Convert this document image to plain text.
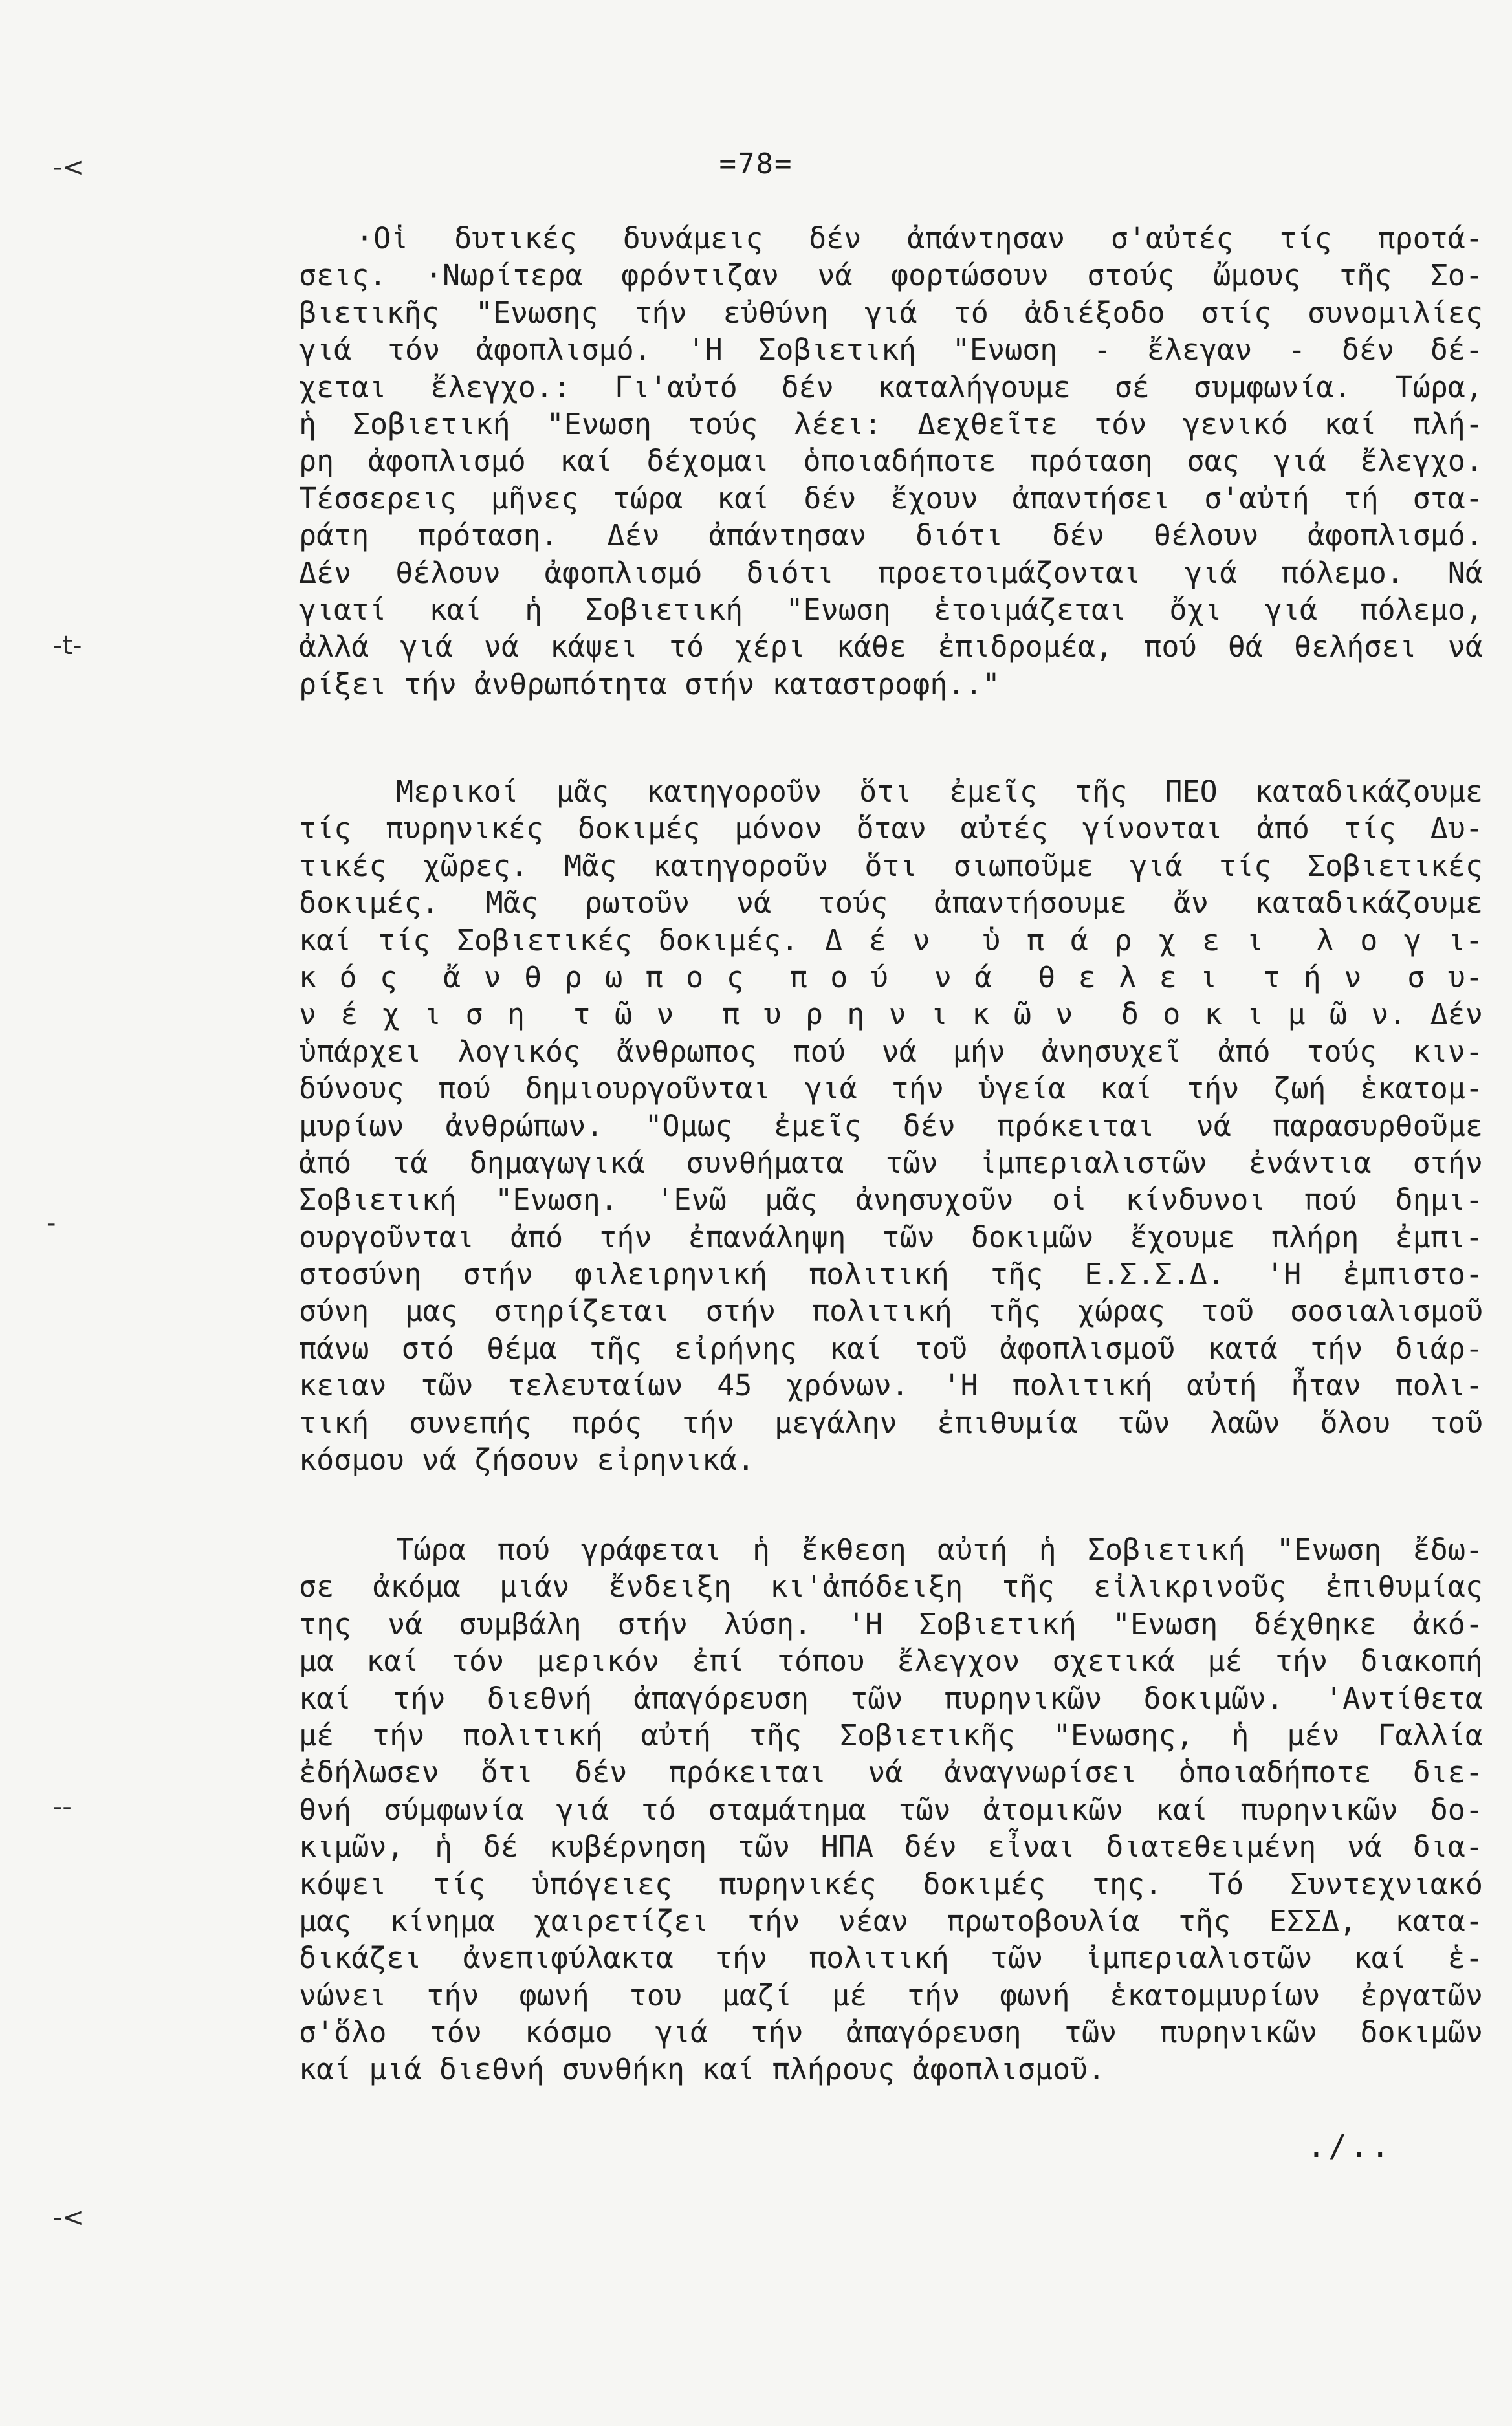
-<
-t-
-
--
-<
=78=
·Οἱ δυτικές δυνάμεις δέν ἀπάντησαν σ'αὐτές τίς προτά-
σεις. ·Νωρίτερα φρόντιζαν νά φορτώσουν στούς ὤμους τῆς Σο-
βιετικῆς "Ενωσης τήν εὐθύνη γιά τό ἀδιέξοδο στίς συνομιλίες
γιά τόν ἀφοπλισμό. 'Η Σοβιετική "Ενωση - ἔλεγαν - δέν δέ-
χεται ἔλεγχο.: Γι'αὐτό δέν καταλήγουμε σέ συμφωνία. Τώρα,
ἡ Σοβιετική "Ενωση τούς λέει: Δεχθεῖτε τόν γενικό καί πλή-
ρη ἀφοπλισμό καί δέχομαι ὁποιαδήποτε πρόταση σας γιά ἔλεγχο.
Τέσσερεις μῆνες τώρα καί δέν ἔχουν ἀπαντήσει σ'αὐτή τή στα-
ράτη πρόταση. Δέν ἀπάντησαν διότι δέν θέλουν ἀφοπλισμό.
Δέν θέλουν ἀφοπλισμό διότι προετοιμάζονται γιά πόλεμο. Νά
γιατί καί ἡ Σοβιετική "Ενωση ἑτοιμάζεται ὄχι γιά πόλεμο,
ἀλλά γιά νά κάψει τό χέρι κάθε ἐπιδρομέα, πού θά θελήσει νά
ρίξει τήν ἀνθρωπότητα στήν καταστροφή.."
Μερικοί μᾶς κατηγοροῦν ὅτι ἐμεῖς τῆς ΠΕΟ καταδικάζουμε
τίς πυρηνικές δοκιμές μόνον ὅταν αὐτές γίνονται ἀπό τίς Δυ-
τικές χῶρες. Μᾶς κατηγοροῦν ὅτι σιωποῦμε γιά τίς Σοβιετικές
δοκιμές. Μᾶς ρωτοῦν νά τούς ἀπαντήσουμε ἄν καταδικάζουμε
καί τίς Σοβιετικές δοκιμές. Δ έ ν  ὑ π ά ρ χ ε ι  λ ο γ ι-
κ ό ς  ἄ ν θ ρ ω π ο ς  π ο ύ  ν ά  θ ε λ ε ι  τ ή ν  σ υ-
ν έ χ ι σ η  τ ῶ ν  π υ ρ η ν ι κ ῶ ν  δ ο κ ι μ ῶ ν. Δέν
ὑπάρχει λογικός ἄνθρωπος πού νά μήν ἀνησυχεῖ ἀπό τούς κιν-
δύνους πού δημιουργοῦνται γιά τήν ὑγεία καί τήν ζωή ἑκατομ-
μυρίων ἀνθρώπων. "Ομως ἐμεῖς δέν πρόκειται νά παρασυρθοῦμε
ἀπό τά δημαγωγικά συνθήματα τῶν ἰμπεριαλιστῶν ἐνάντια στήν
Σοβιετική "Ενωση. 'Ενῶ μᾶς ἀνησυχοῦν οἱ κίνδυνοι πού δημι-
ουργοῦνται ἀπό τήν ἐπανάληψη τῶν δοκιμῶν ἔχουμε πλήρη ἐμπι-
στοσύνη στήν φιλειρηνική πολιτική τῆς Ε.Σ.Σ.Δ. 'Η ἐμπιστο-
σύνη μας στηρίζεται στήν πολιτική τῆς χώρας τοῦ σοσιαλισμοῦ
πάνω στό θέμα τῆς εἰρήνης καί τοῦ ἀφοπλισμοῦ κατά τήν διάρ-
κειαν τῶν τελευταίων 45 χρόνων. 'Η πολιτική αὐτή ἦταν πολι-
τική συνεπής πρός τήν μεγάλην ἐπιθυμία τῶν λαῶν ὅλου τοῦ
κόσμου νά ζήσουν εἰρηνικά.
Τώρα πού γράφεται ἡ ἔκθεση αὐτή ἡ Σοβιετική "Ενωση ἔδω-
σε ἀκόμα μιάν ἔνδειξη κι'ἀπόδειξη τῆς εἰλικρινοῦς ἐπιθυμίας
της νά συμβάλη στήν λύση. 'Η Σοβιετική "Ενωση δέχθηκε ἀκό-
μα καί τόν μερικόν ἐπί τόπου ἔλεγχον σχετικά μέ τήν διακοπή
καί τήν διεθνή ἀπαγόρευση τῶν πυρηνικῶν δοκιμῶν. 'Αντίθετα
μέ τήν πολιτική αὐτή τῆς Σοβιετικῆς "Ενωσης, ἡ μέν Γαλλία
ἐδήλωσεν ὅτι δέν πρόκειται νά ἀναγνωρίσει ὁποιαδήποτε διε-
θνή σύμφωνία γιά τό σταμάτημα τῶν ἀτομικῶν καί πυρηνικῶν δο-
κιμῶν, ἡ δέ κυβέρνηση τῶν ΗΠΑ δέν εἶναι διατεθειμένη νά δια-
κόψει τίς ὑπόγειες πυρηνικές δοκιμές της. Τό Συντεχνιακό
μας κίνημα χαιρετίζει τήν νέαν πρωτοβουλία τῆς ΕΣΣΔ, κατα-
δικάζει ἀνεπιφύλακτα τήν πολιτική τῶν ἰμπεριαλιστῶν καί ἑ-
νώνει τήν φωνή του μαζί μέ τήν φωνή ἑκατομμυρίων ἐργατῶν
σ'ὅλο τόν κόσμο γιά τήν ἀπαγόρευση τῶν πυρηνικῶν δοκιμῶν
καί μιά διεθνή συνθήκη καί πλήρους ἀφοπλισμοῦ.
./..
